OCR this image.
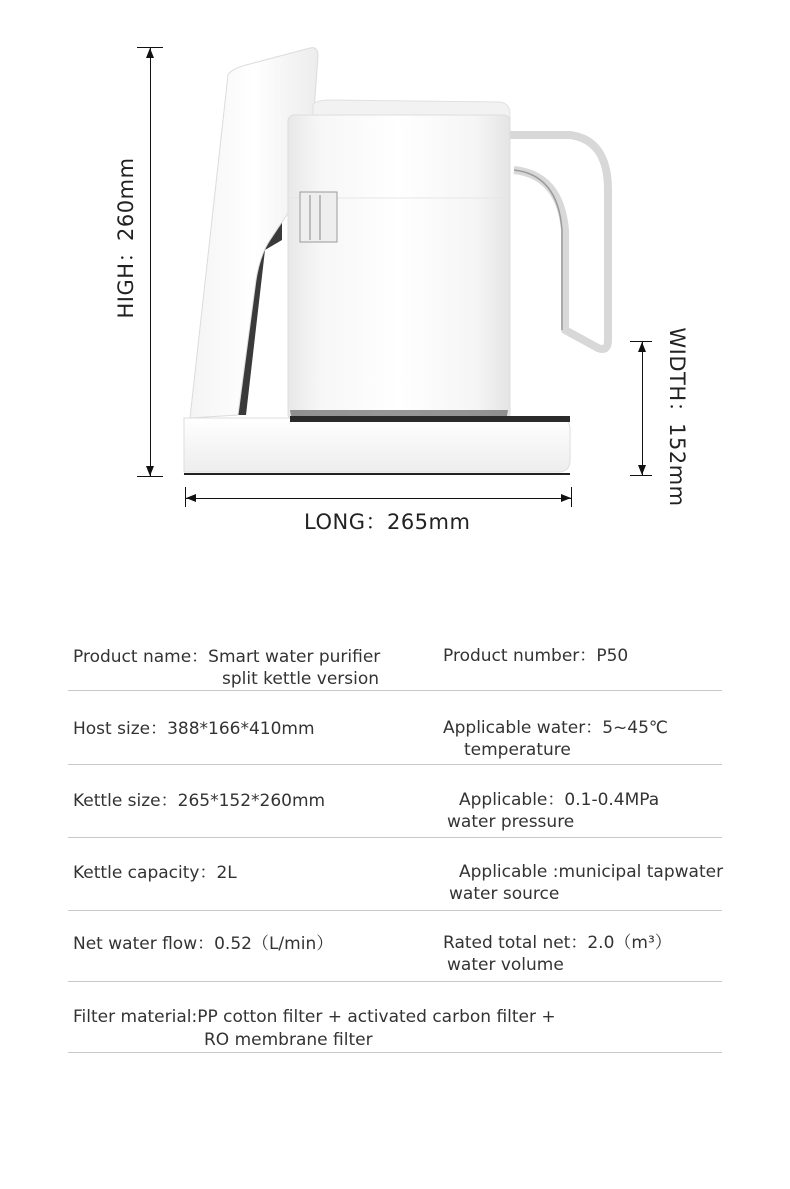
HIGH：260mm
WIDTH：152mm
LONG：265mm
Product name：Smart water purifier
split kettle version
Product number：P50
Host size：388*166*410mm	Applicable water：5~45℃
temperature
Kettle size：265*152*260mm	Applicable：0.1-0.4MPa
water pressure
Kettle capacity：2L	Applicable :municipal tapwater
water source
Net water flow：0.52（L/min）	Rated total net：2.0（m³）
water volume
Filter material:PP cotton filter + activated carbon filter +
RO membrane filter
